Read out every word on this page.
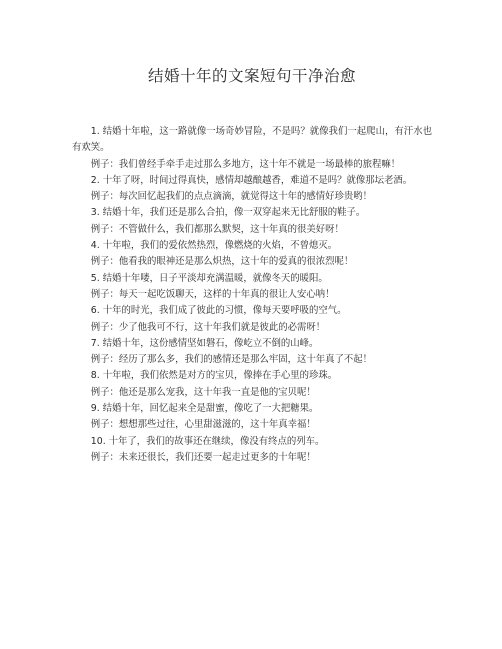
结婚十年的文案短句干净治愈

1. 结婚十年啦，这一路就像一场奇妙冒险，不是吗？就像我们一起爬山，有汗水也有欢笑。

例子：我们曾经手牵手走过那么多地方，这十年不就是一场最棒的旅程嘛！

2. 十年了呀，时间过得真快，感情却越酿越香，难道不是吗？就像那坛老酒。

例子：每次回忆起我们的点点滴滴，就觉得这十年的感情好珍贵哟！

3. 结婚十年，我们还是那么合拍，像一双穿起来无比舒服的鞋子。

例子：不管做什么，我们都那么默契，这十年真的很美好呀！

4. 十年啦，我们的爱依然热烈，像燃烧的火焰，不曾熄灭。

例子：他看我的眼神还是那么炽热，这十年的爱真的很浓烈呢！

5. 结婚十年喽，日子平淡却充满温暖，就像冬天的暖阳。

例子：每天一起吃饭聊天，这样的十年真的很让人安心呐！

6. 十年的时光，我们成了彼此的习惯，像每天要呼吸的空气。

例子：少了他我可不行，这十年我们就是彼此的必需呀！

7. 结婚十年，这份感情坚如磐石，像屹立不倒的山峰。

例子：经历了那么多，我们的感情还是那么牢固，这十年真了不起！

8. 十年啦，我们依然是对方的宝贝，像捧在手心里的珍珠。

例子：他还是那么宠我，这十年我一直是他的宝贝呢！

9. 结婚十年，回忆起来全是甜蜜，像吃了一大把糖果。

例子：想想那些过往，心里甜滋滋的，这十年真幸福！

10. 十年了，我们的故事还在继续，像没有终点的列车。

例子：未来还很长，我们还要一起走过更多的十年呢！
